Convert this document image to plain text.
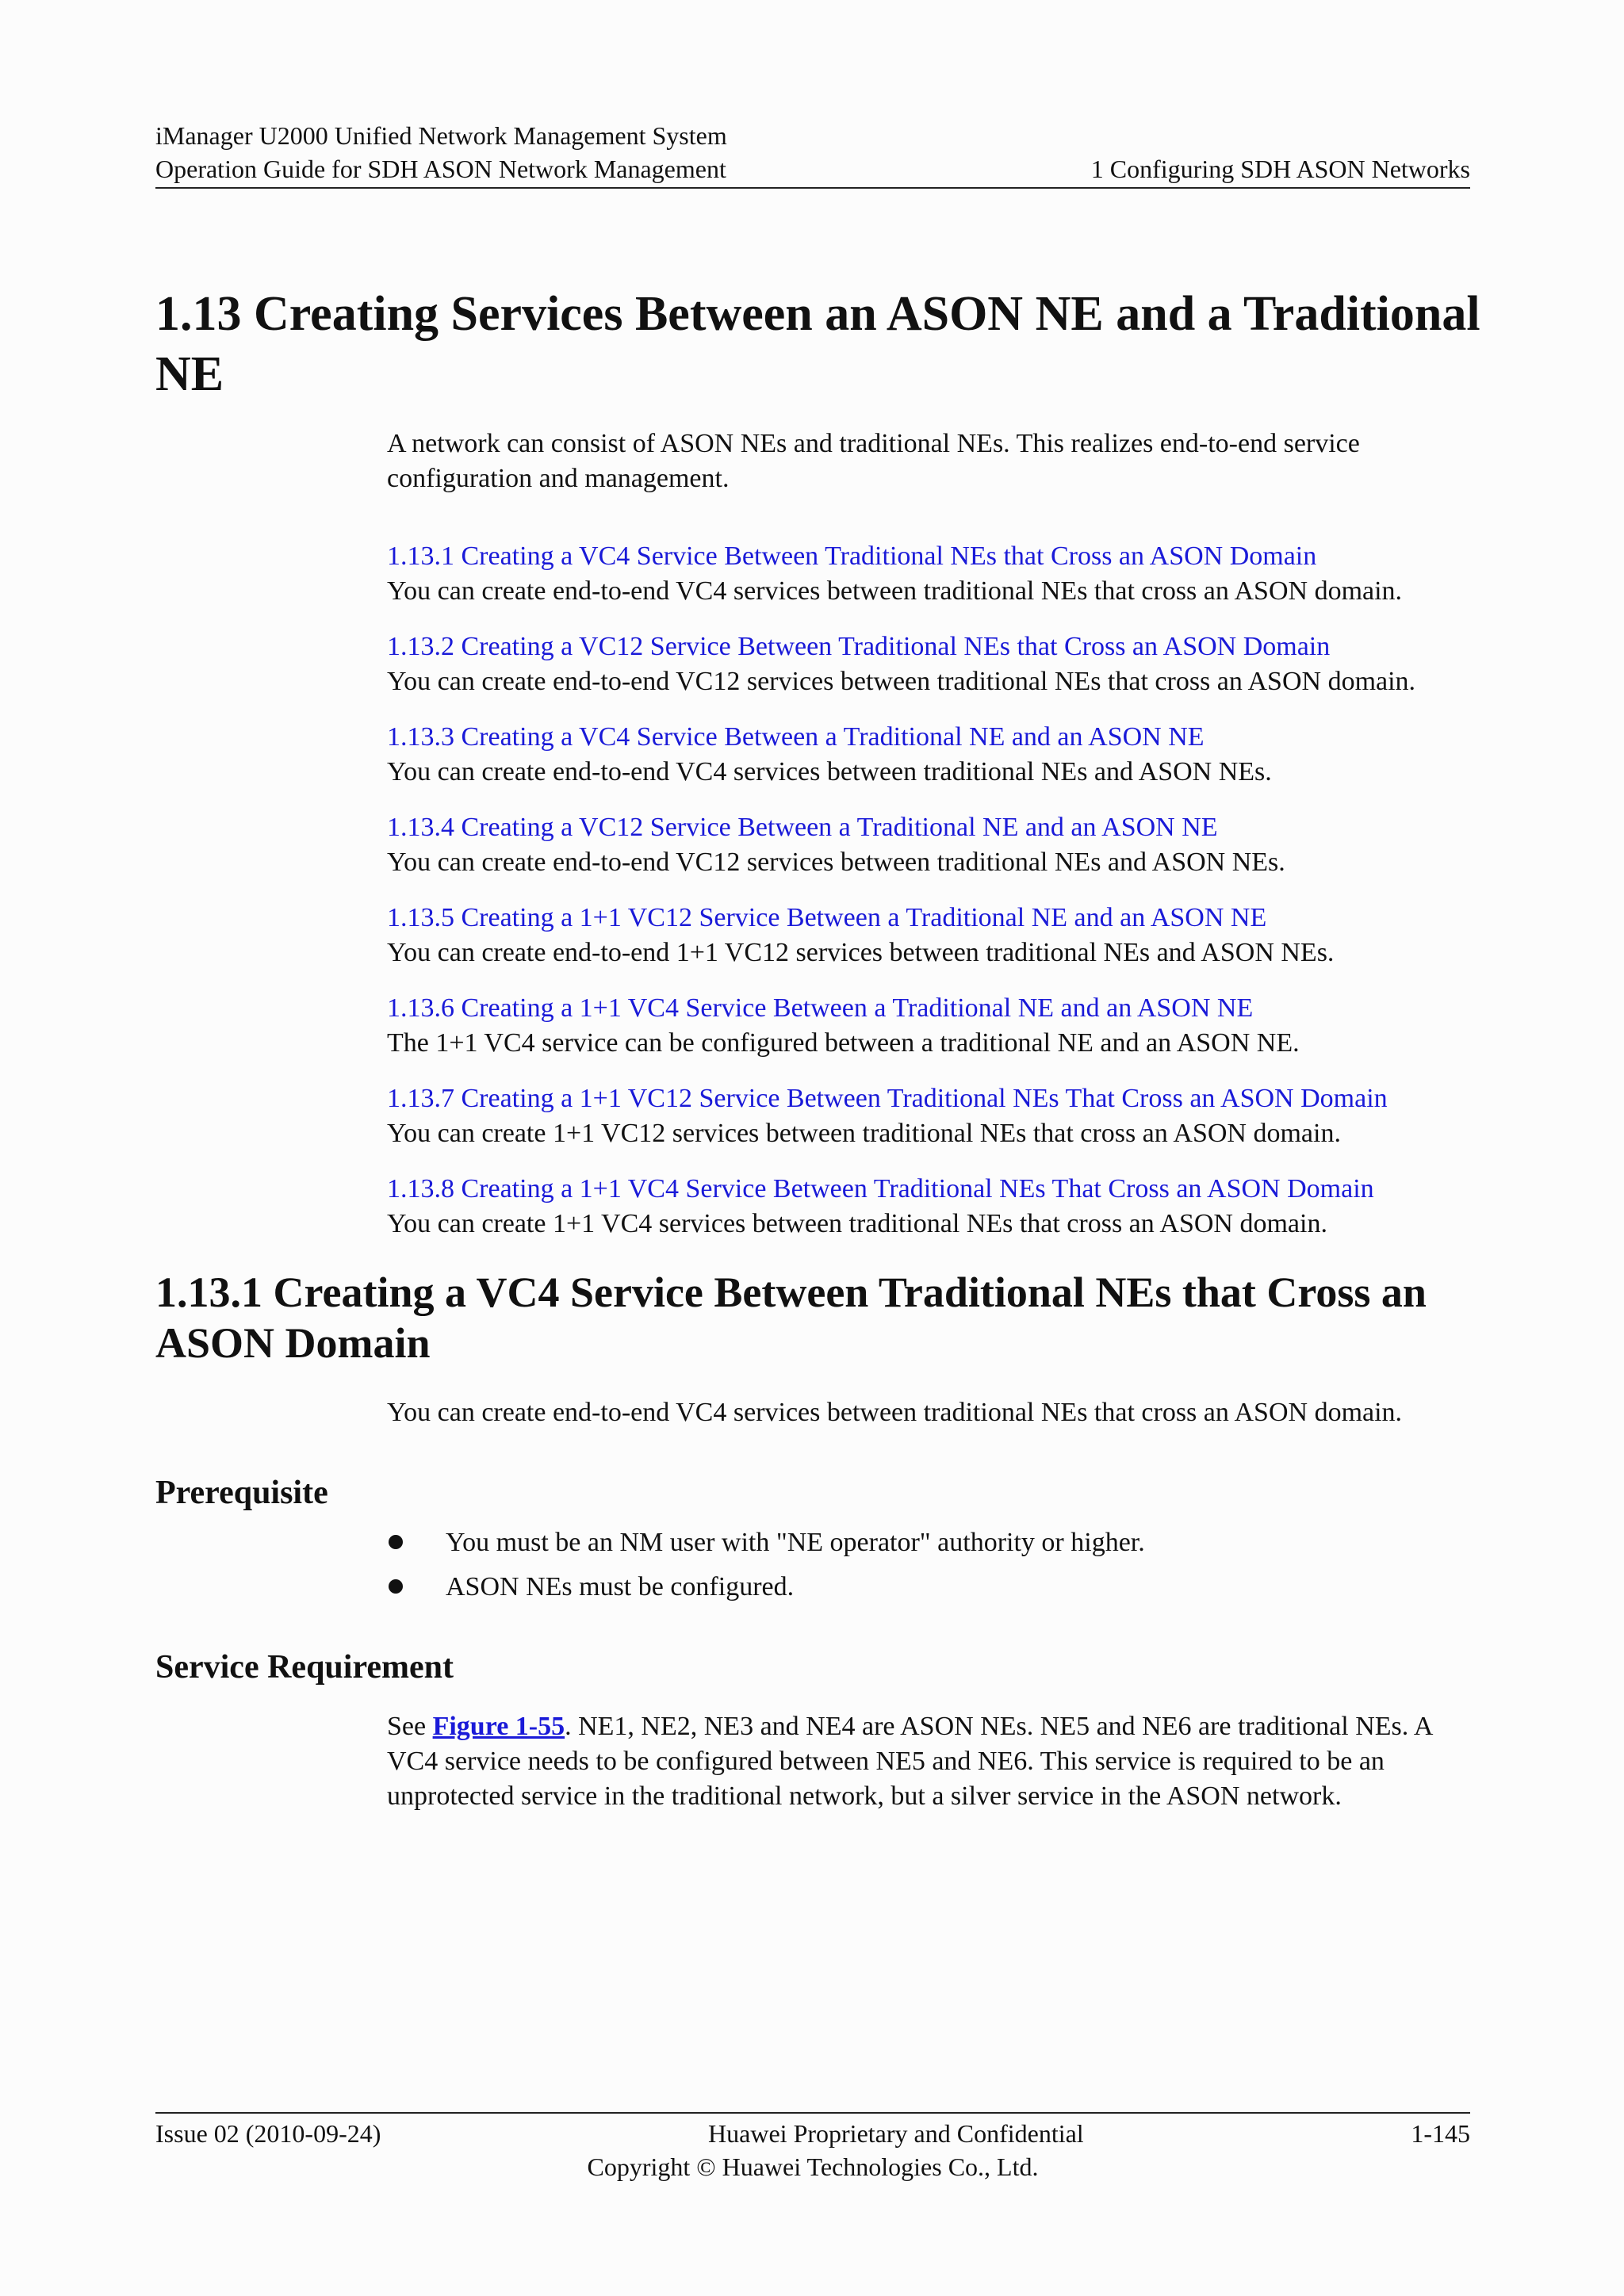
iManager U2000 Unified Network Management System
Operation Guide for SDH ASON Network Management	1 Configuring SDH ASON Networks
1.13 Creating Services Between an ASON NE and a Traditional NE
A network can consist of ASON NEs and traditional NEs. This realizes end-to-end service configuration and management.
1.13.1 Creating a VC4 Service Between Traditional NEs that Cross an ASON Domain
You can create end-to-end VC4 services between traditional NEs that cross an ASON domain.
1.13.2 Creating a VC12 Service Between Traditional NEs that Cross an ASON Domain
You can create end-to-end VC12 services between traditional NEs that cross an ASON domain.
1.13.3 Creating a VC4 Service Between a Traditional NE and an ASON NE
You can create end-to-end VC4 services between traditional NEs and ASON NEs.
1.13.4 Creating a VC12 Service Between a Traditional NE and an ASON NE
You can create end-to-end VC12 services between traditional NEs and ASON NEs.
1.13.5 Creating a 1+1 VC12 Service Between a Traditional NE and an ASON NE
You can create end-to-end 1+1 VC12 services between traditional NEs and ASON NEs.
1.13.6 Creating a 1+1 VC4 Service Between a Traditional NE and an ASON NE
The 1+1 VC4 service can be configured between a traditional NE and an ASON NE.
1.13.7 Creating a 1+1 VC12 Service Between Traditional NEs That Cross an ASON Domain
You can create 1+1 VC12 services between traditional NEs that cross an ASON domain.
1.13.8 Creating a 1+1 VC4 Service Between Traditional NEs That Cross an ASON Domain
You can create 1+1 VC4 services between traditional NEs that cross an ASON domain.
1.13.1 Creating a VC4 Service Between Traditional NEs that Cross an ASON Domain
You can create end-to-end VC4 services between traditional NEs that cross an ASON domain.
Prerequisite
You must be an NM user with "NE operator" authority or higher.
ASON NEs must be configured.
Service Requirement
See Figure 1-55. NE1, NE2, NE3 and NE4 are ASON NEs. NE5 and NE6 are traditional NEs. A VC4 service needs to be configured between NE5 and NE6. This service is required to be an unprotected service in the traditional network, but a silver service in the ASON network.
Issue 02 (2010-09-24)	Huawei Proprietary and Confidential	1-145
Copyright © Huawei Technologies Co., Ltd.
